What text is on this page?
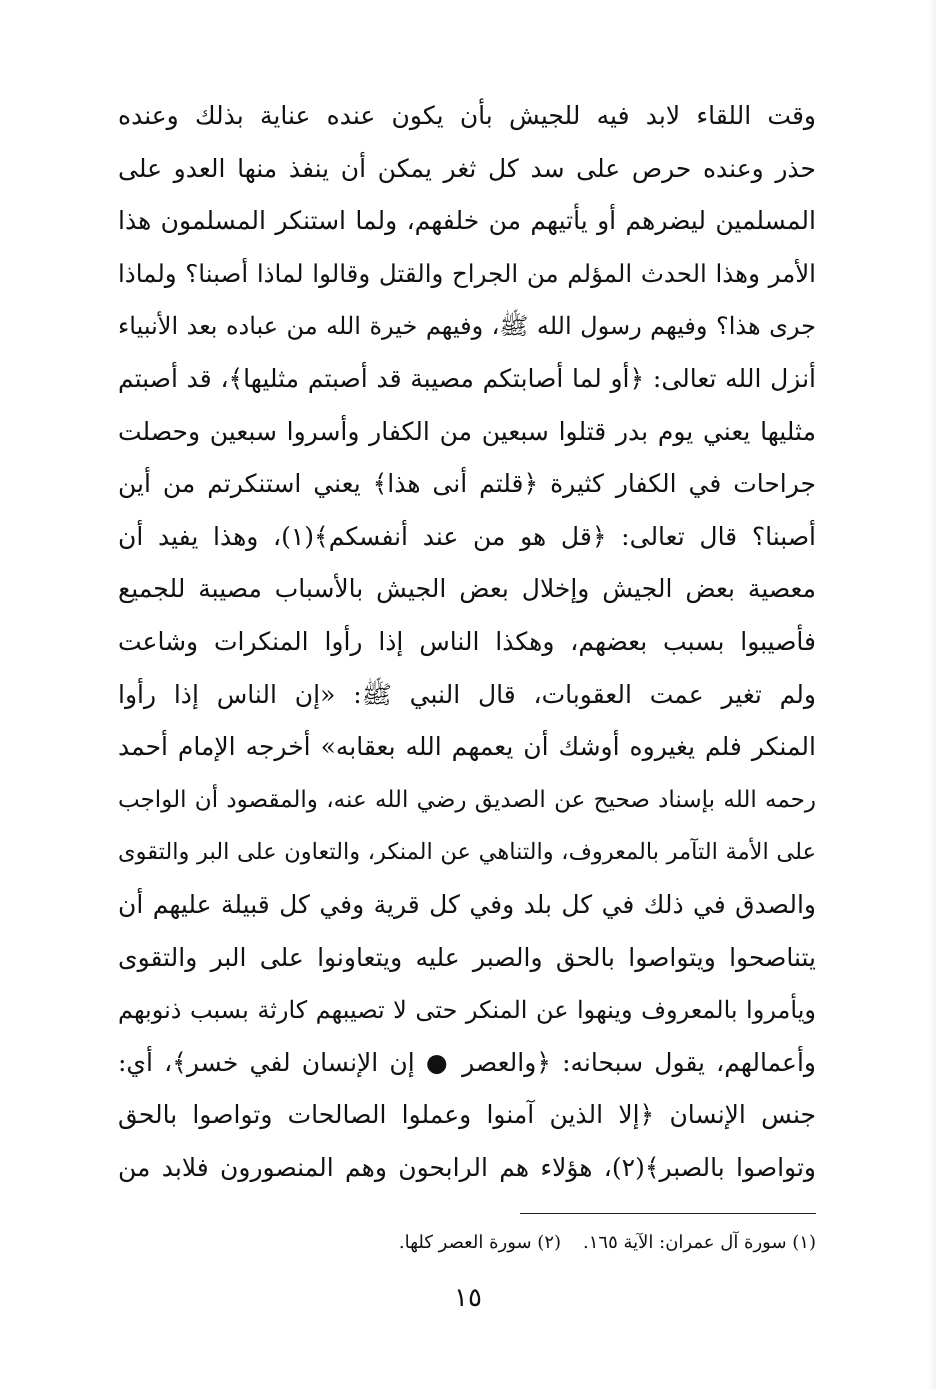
وقت اللقاء لابد فيه للجيش بأن يكون عنده عناية بذلك وعنده
حذر وعنده حرص على سد كل ثغر يمكن أن ينفذ منها العدو على
المسلمين ليضرهم أو يأتيهم من خلفهم، ولما استنكر المسلمون هذا
الأمر وهذا الحدث المؤلم من الجراح والقتل وقالوا لماذا أصبنا؟ ولماذا
جرى هذا؟ وفيهم رسول الله ﷺ، وفيهم خيرة الله من عباده بعد الأنبياء
أنزل الله تعالى: ﴿أو لما أصابتكم مصيبة قد أصبتم مثليها﴾، قد أصبتم
مثليها يعني يوم بدر قتلوا سبعين من الكفار وأسروا سبعين وحصلت
جراحات في الكفار كثيرة ﴿قلتم أنى هذا﴾ يعني استنكرتم من أين
أصبنا؟ قال تعالى: ﴿قل هو من عند أنفسكم﴾(١)، وهذا يفيد أن
معصية بعض الجيش وإخلال بعض الجيش بالأسباب مصيبة للجميع
فأصيبوا بسبب بعضهم، وهكذا الناس إذا رأوا المنكرات وشاعت
ولم تغير عمت العقوبات، قال النبي ﷺ: «إن الناس إذا رأوا
المنكر فلم يغيروه أوشك أن يعمهم الله بعقابه» أخرجه الإمام أحمد
رحمه الله بإسناد صحيح عن الصديق رضي الله عنه، والمقصود أن الواجب
على الأمة التآمر بالمعروف، والتناهي عن المنكر، والتعاون على البر والتقوى
والصدق في ذلك في كل بلد وفي كل قرية وفي كل قبيلة عليهم أن
يتناصحوا ويتواصوا بالحق والصبر عليه ويتعاونوا على البر والتقوى
ويأمروا بالمعروف وينهوا عن المنكر حتى لا تصيبهم كارثة بسبب ذنوبهم
وأعمالهم، يقول سبحانه: ﴿والعصر ● إن الإنسان لفي خسر﴾، أي:
جنس الإنسان ﴿إلا الذين آمنوا وعملوا الصالحات وتواصوا بالحق
وتواصوا بالصبر﴾(٢)، هؤلاء هم الرابحون وهم المنصورون فلابد من
(١) سورة آل عمران: الآية ١٦٥.(٢) سورة العصر كلها.
١٥
